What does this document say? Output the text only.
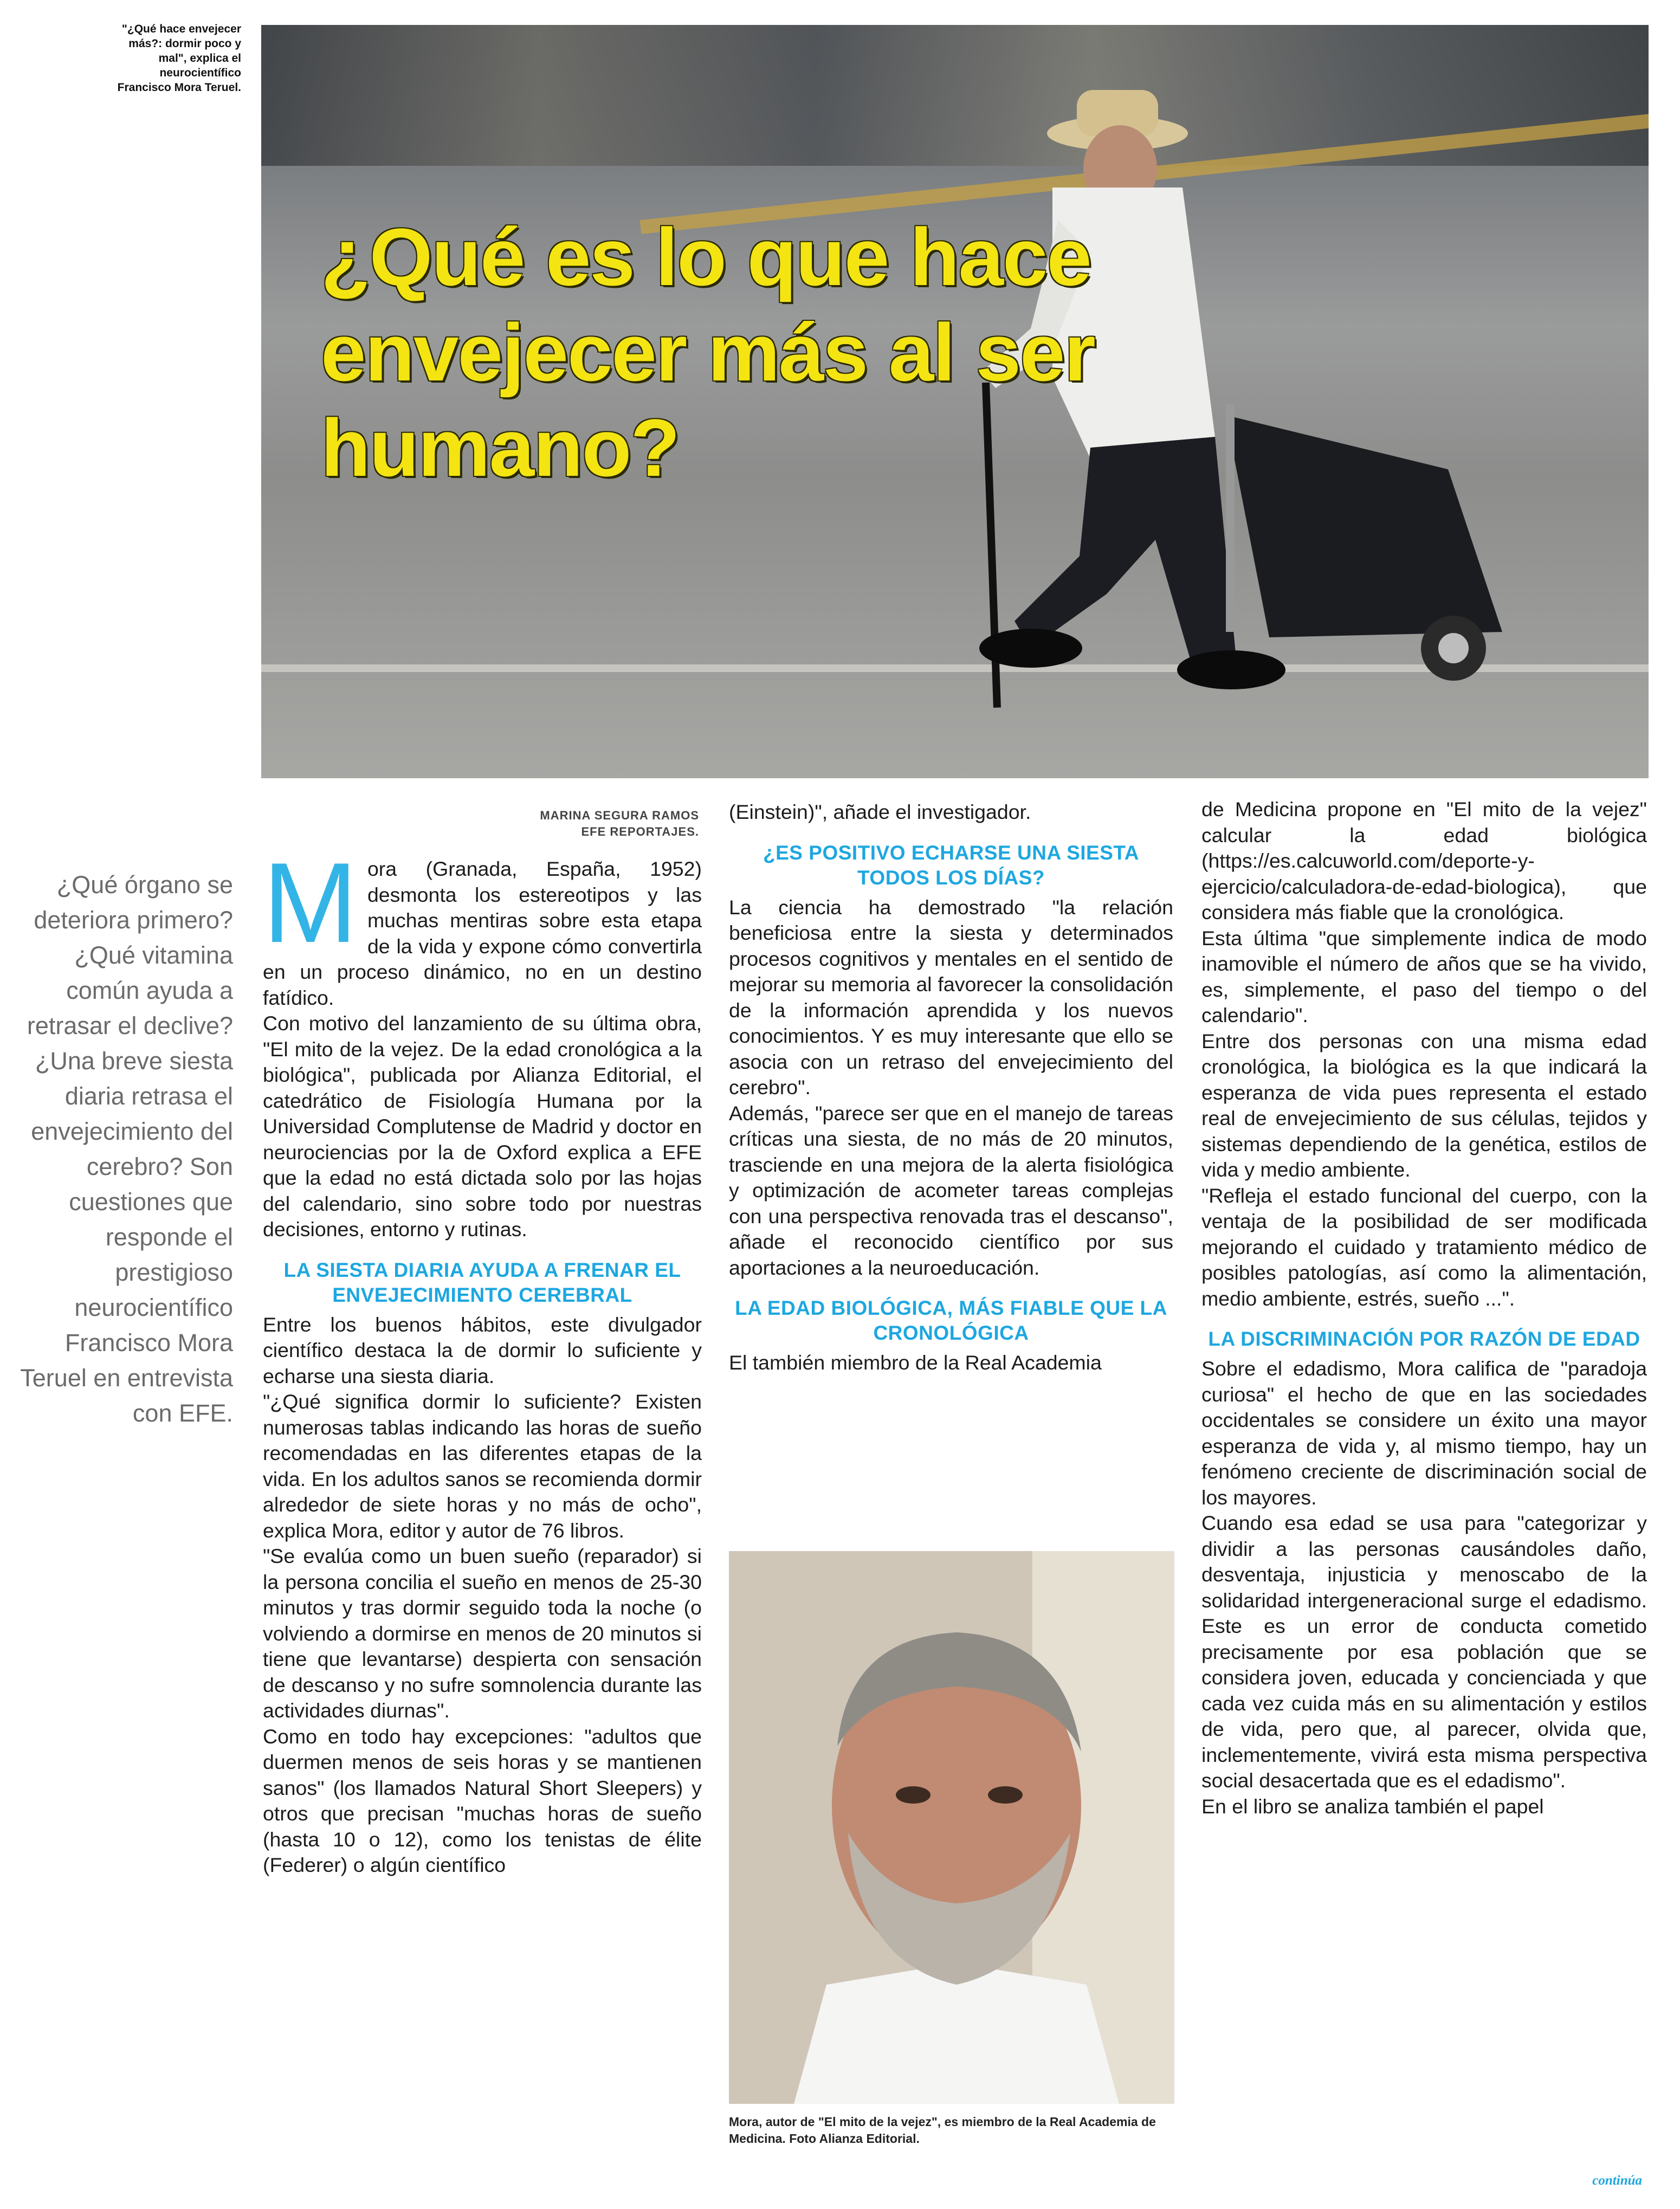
"¿Qué hace envejecer más?: dormir poco y mal", explica el neurocientífico Francisco Mora Teruel.
¿Qué es lo que hace envejecer más al ser humano?
MARINA SEGURA RAMOS
EFE REPORTAJES.
¿Qué órgano se deteriora primero? ¿Qué vitamina común ayuda a retrasar el declive? ¿Una breve siesta diaria retrasa el envejecimiento del cerebro? Son cuestiones que responde el prestigioso neurocientífico Francisco Mora Teruel en entrevista con EFE.

Mora (Granada, España, 1952) desmonta los estereotipos y las muchas mentiras sobre esta etapa de la vida y expone cómo convertirla en un proceso dinámico, no en un destino fatídico.

Con motivo del lanzamiento de su última obra, "El mito de la vejez. De la edad cronológica a la biológica", publicada por Alianza Editorial, el catedrático de Fisiología Humana por la Universidad Complutense de Madrid y doctor en neurociencias por la de Oxford explica a EFE que la edad no está dictada solo por las hojas del calendario, sino sobre todo por nuestras decisiones, entorno y rutinas.

LA SIESTA DIARIA AYUDA A FRENAR EL ENVEJECIMIENTO CEREBRAL

Entre los buenos hábitos, este divulgador científico destaca la de dormir lo suficiente y echarse una siesta diaria.

"¿Qué significa dormir lo suficiente? Existen numerosas tablas indicando las horas de sueño recomendadas en las diferentes etapas de la vida. En los adultos sanos se recomienda dormir alrededor de siete horas y no más de ocho", explica Mora, editor y autor de 76 libros.

"Se evalúa como un buen sueño (reparador) si la persona concilia el sueño en menos de 25-30 minutos y tras dormir seguido toda la noche (o volviendo a dormirse en menos de 20 minutos si tiene que levantarse) despierta con sensación de descanso y no sufre somnolencia durante las actividades diurnas".

Como en todo hay excepciones: "adultos que duermen menos de seis horas y se mantienen sanos" (los llamados Natural Short Sleepers) y otros que precisan "muchas horas de sueño (hasta 10 o 12), como los tenistas de élite (Federer) o algún científico

(Einstein)", añade el investigador.

¿ES POSITIVO ECHARSE UNA SIESTA TODOS LOS DÍAS?

La ciencia ha demostrado "la relación beneficiosa entre la siesta y determinados procesos cognitivos y mentales en el sentido de mejorar su memoria al favorecer la consolidación de la información aprendida y los nuevos conocimientos. Y es muy interesante que ello se asocia con un retraso del envejecimiento del cerebro".

Además, "parece ser que en el manejo de tareas críticas una siesta, de no más de 20 minutos, trasciende en una mejora de la alerta fisiológica y optimización de acometer tareas complejas con una perspectiva renovada tras el descanso", añade el reconocido científico por sus aportaciones a la neuroeducación.

LA EDAD BIOLÓGICA, MÁS FIABLE QUE LA CRONOLÓGICA

El también miembro de la Real Academia

Mora, autor de "El mito de la vejez", es miembro de la Real Academia de Medicina. Foto Alianza Editorial.

de Medicina propone en "El mito de la vejez" calcular la edad biológica (https://es.calcuworld.com/deporte-y-ejercicio/calculadora-de-edad-biologica), que considera más fiable que la cronológica.

Esta última "que simplemente indica de modo inamovible el número de años que se ha vivido, es, simplemente, el paso del tiempo o del calendario".

Entre dos personas con una misma edad cronológica, la biológica es la que indicará la esperanza de vida pues representa el estado real de envejecimiento de sus células, tejidos y sistemas dependiendo de la genética, estilos de vida y medio ambiente.

"Refleja el estado funcional del cuerpo, con la ventaja de la posibilidad de ser modificada mejorando el cuidado y tratamiento médico de posibles patologías, así como la alimentación, medio ambiente, estrés, sueño ...".

LA DISCRIMINACIÓN POR RAZÓN DE EDAD

Sobre el edadismo, Mora califica de "paradoja curiosa" el hecho de que en las sociedades occidentales se considere un éxito una mayor esperanza de vida y, al mismo tiempo, hay un fenómeno creciente de discriminación social de los mayores.

Cuando esa edad se usa para "categorizar y dividir a las personas causándoles daño, desventaja, injusticia y menoscabo de la solidaridad intergeneracional surge el edadismo. Este es un error de conducta cometido precisamente por esa población que se considera joven, educada y concienciada y que cada vez cuida más en su alimentación y estilos de vida, pero que, al parecer, olvida que, inclementemente, vivirá esta misma perspectiva social desacertada que es el edadismo".

En el libro se analiza también el papel

continúa
